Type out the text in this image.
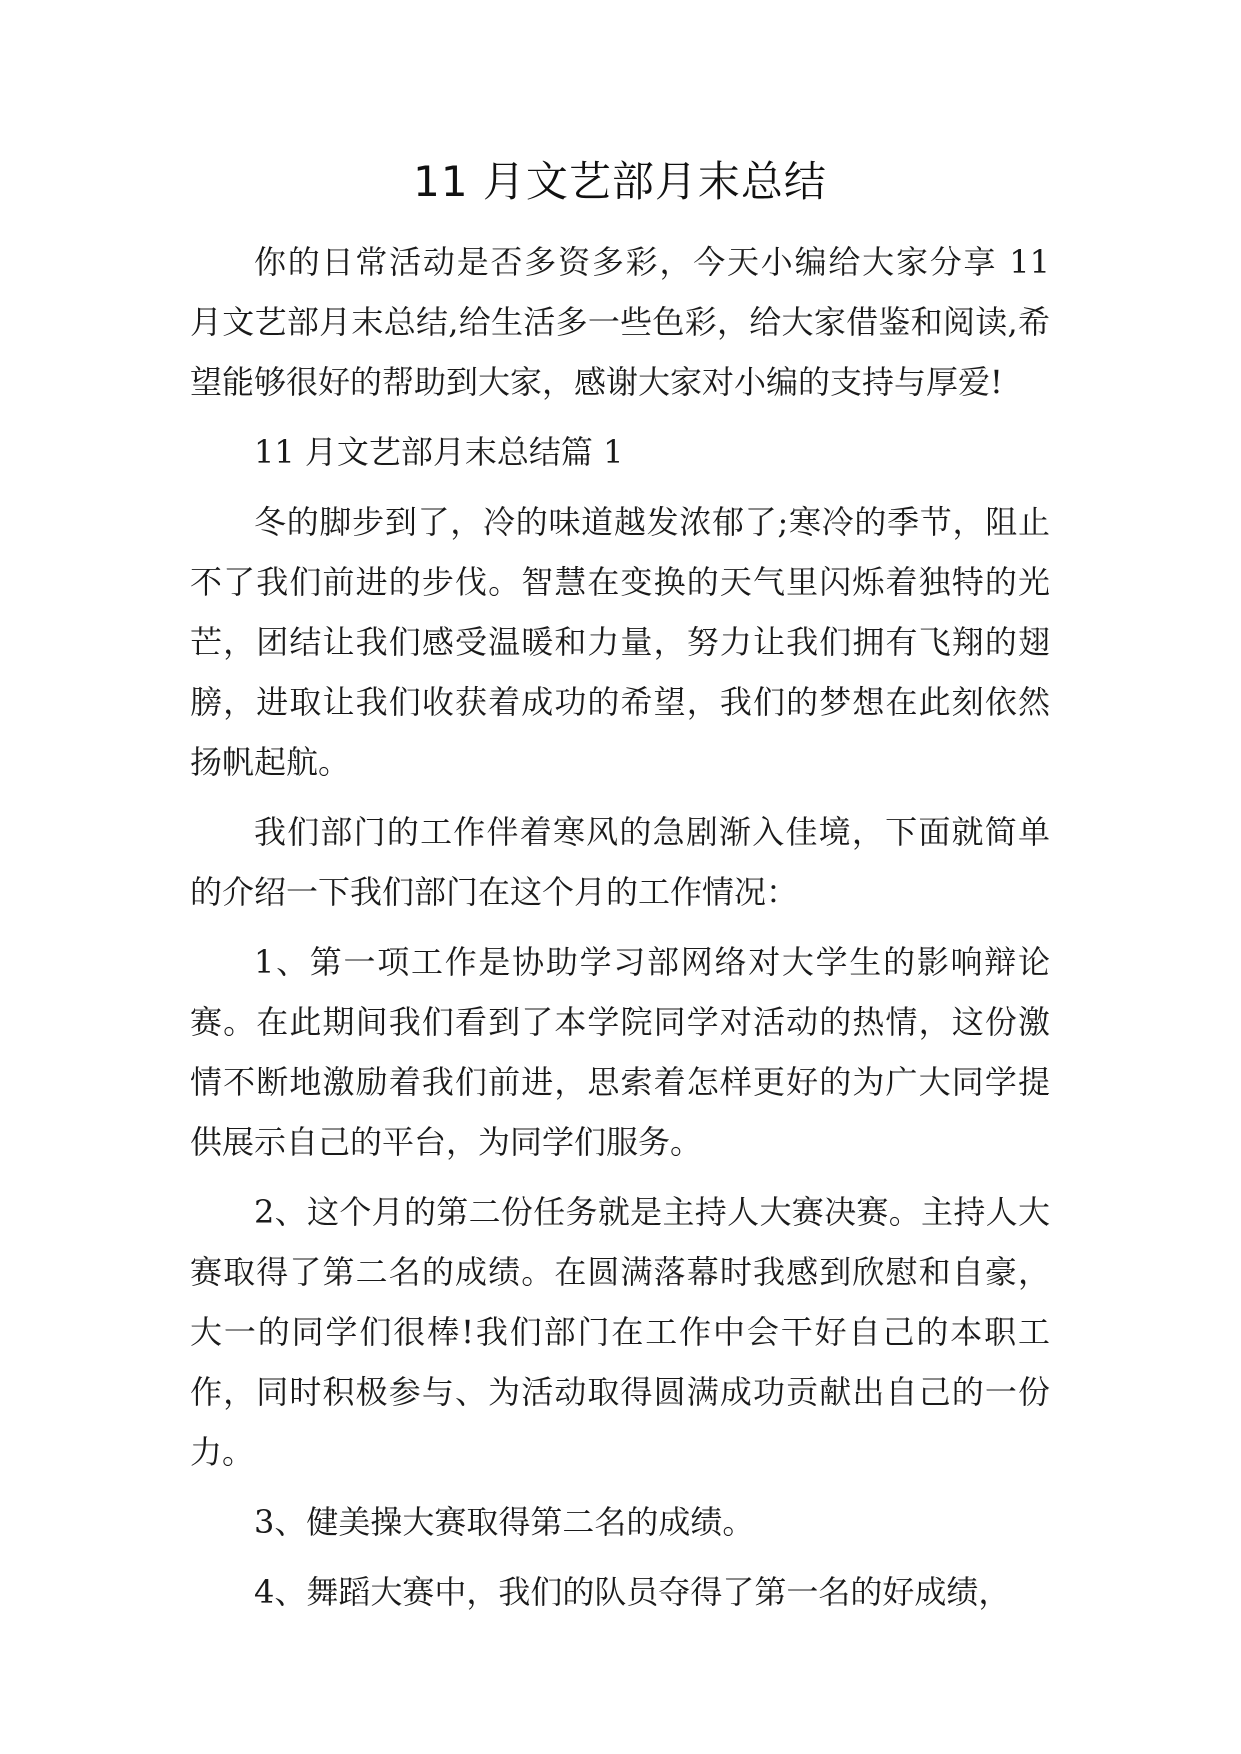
11 月文艺部月末总结

你的日常活动是否多资多彩，今天小编给大家分享 11 月文艺部月末总结,给生活多一些色彩，给大家借鉴和阅读,希望能够很好的帮助到大家，感谢大家对小编的支持与厚爱!

11 月文艺部月末总结篇 1

冬的脚步到了，冷的味道越发浓郁了;寒冷的季节，阻止不了我们前进的步伐。智慧在变换的天气里闪烁着独特的光芒，团结让我们感受温暖和力量，努力让我们拥有飞翔的翅膀，进取让我们收获着成功的希望，我们的梦想在此刻依然扬帆起航。

我们部门的工作伴着寒风的急剧渐入佳境，下面就简单的介绍一下我们部门在这个月的工作情况：

1、第一项工作是协助学习部网络对大学生的影响辩论赛。在此期间我们看到了本学院同学对活动的热情，这份激情不断地激励着我们前进，思索着怎样更好的为广大同学提供展示自己的平台，为同学们服务。

2、这个月的第二份任务就是主持人大赛决赛。主持人大赛取得了第二名的成绩。在圆满落幕时我感到欣慰和自豪，大一的同学们很棒!我们部门在工作中会干好自己的本职工作，同时积极参与、为活动取得圆满成功贡献出自己的一份力。

3、健美操大赛取得第二名的成绩。

4、舞蹈大赛中，我们的队员夺得了第一名的好成绩，
